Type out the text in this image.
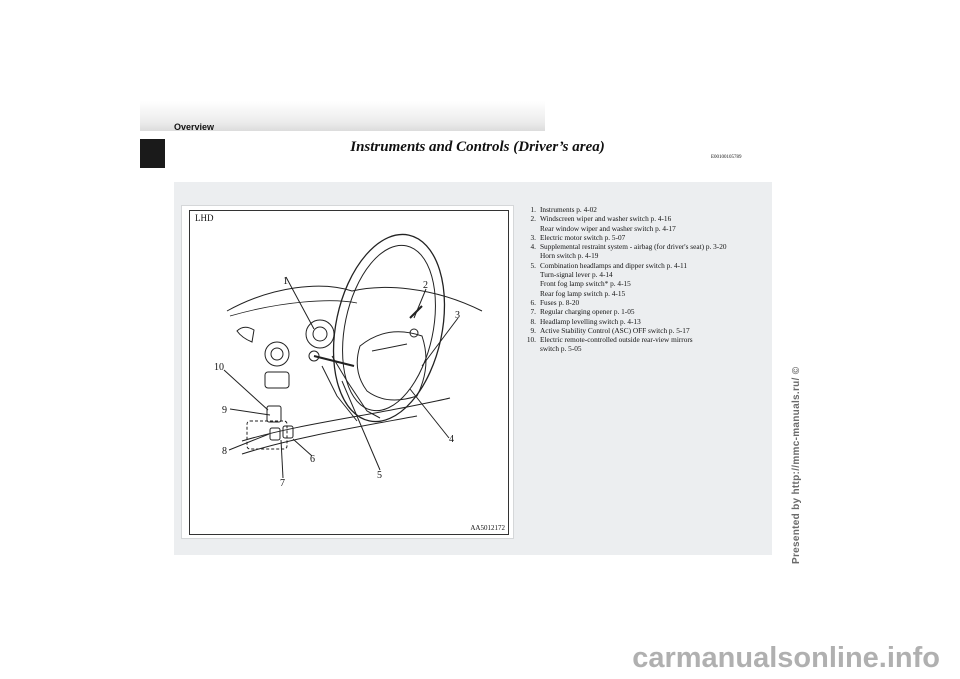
Overview
Instruments and Controls (Driver’s area)
E00100105789
LHD
AA5012172
1	2
3
4
5
6
7
8
9
10
1. Instruments p. 4-02
2. Windscreen wiper and washer switch p. 4-16
Rear window wiper and washer switch p. 4-17
3. Electric motor switch p. 5-07
4. Supplemental restraint system - airbag (for driver's seat) p. 3-20
Horn switch p. 4-19
5. Combination headlamps and dipper switch p. 4-11
Turn-signal lever p. 4-14
Front fog lamp switch* p. 4-15
Rear fog lamp switch p. 4-15
6. Fuses p. 8-20
7. Regular charging opener p. 1-05
8. Headlamp levelling switch p. 4-13
9. Active Stability Control (ASC) OFF switch p. 5-17
10. Electric remote-controlled outside rear-view mirrors
switch p. 5-05
Presented by http://mmc-manuals.ru/ ©
carmanualsonline.info
